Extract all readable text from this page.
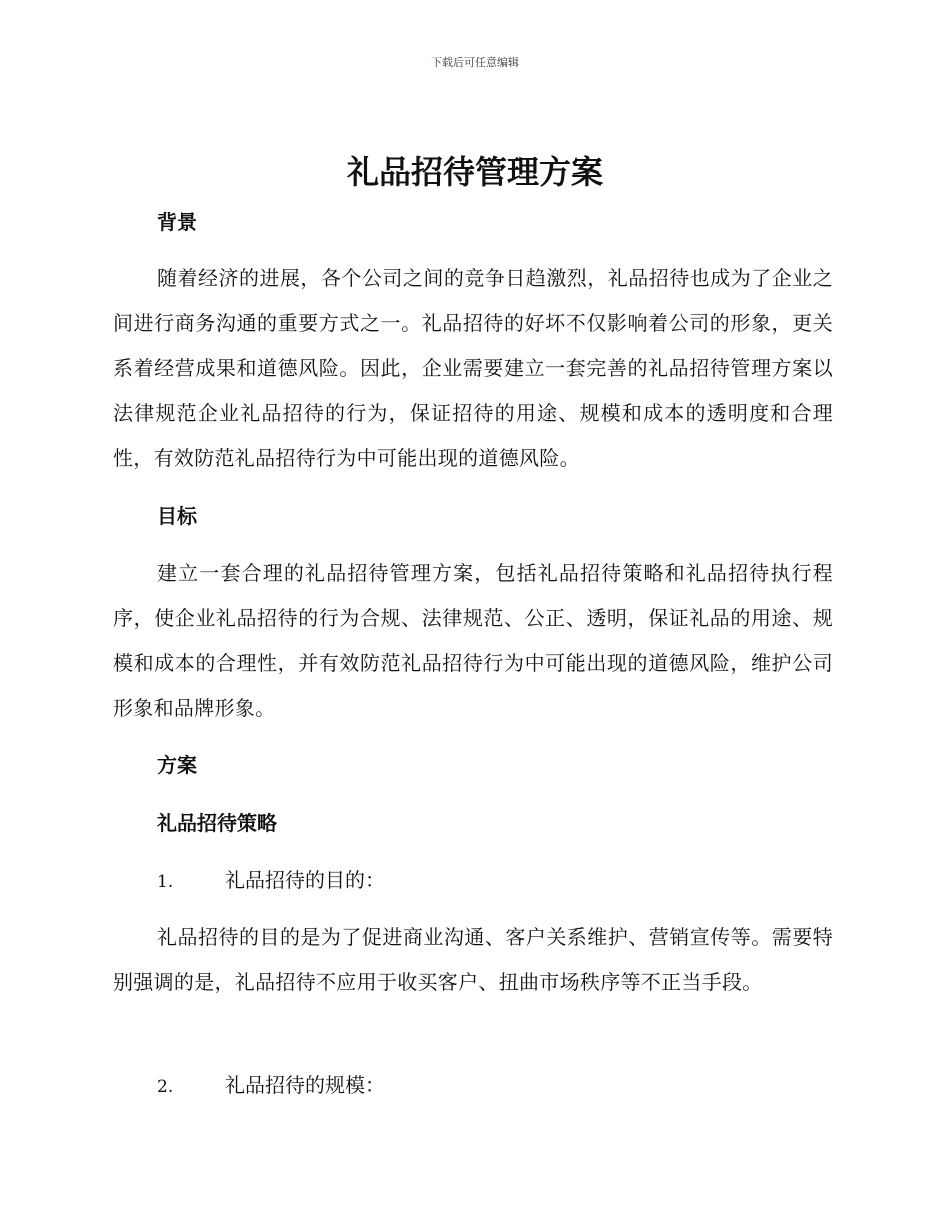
下载后可任意编辑
礼品招待管理方案
背景
随着经济的进展，各个公司之间的竞争日趋激烈，礼品招待也成为了企业之间进行商务沟通的重要方式之一。礼品招待的好坏不仅影响着公司的形象，更关系着经营成果和道德风险。因此，企业需要建立一套完善的礼品招待管理方案以法律规范企业礼品招待的行为，保证招待的用途、规模和成本的透明度和合理性，有效防范礼品招待行为中可能出现的道德风险。
目标
建立一套合理的礼品招待管理方案，包括礼品招待策略和礼品招待执行程序，使企业礼品招待的行为合规、法律规范、公正、透明，保证礼品的用途、规模和成本的合理性，并有效防范礼品招待行为中可能出现的道德风险，维护公司形象和品牌形象。
方案
礼品招待策略
1.	礼品招待的目的：
礼品招待的目的是为了促进商业沟通、客户关系维护、营销宣传等。需要特别强调的是，礼品招待不应用于收买客户、扭曲市场秩序等不正当手段。
2.	礼品招待的规模：
